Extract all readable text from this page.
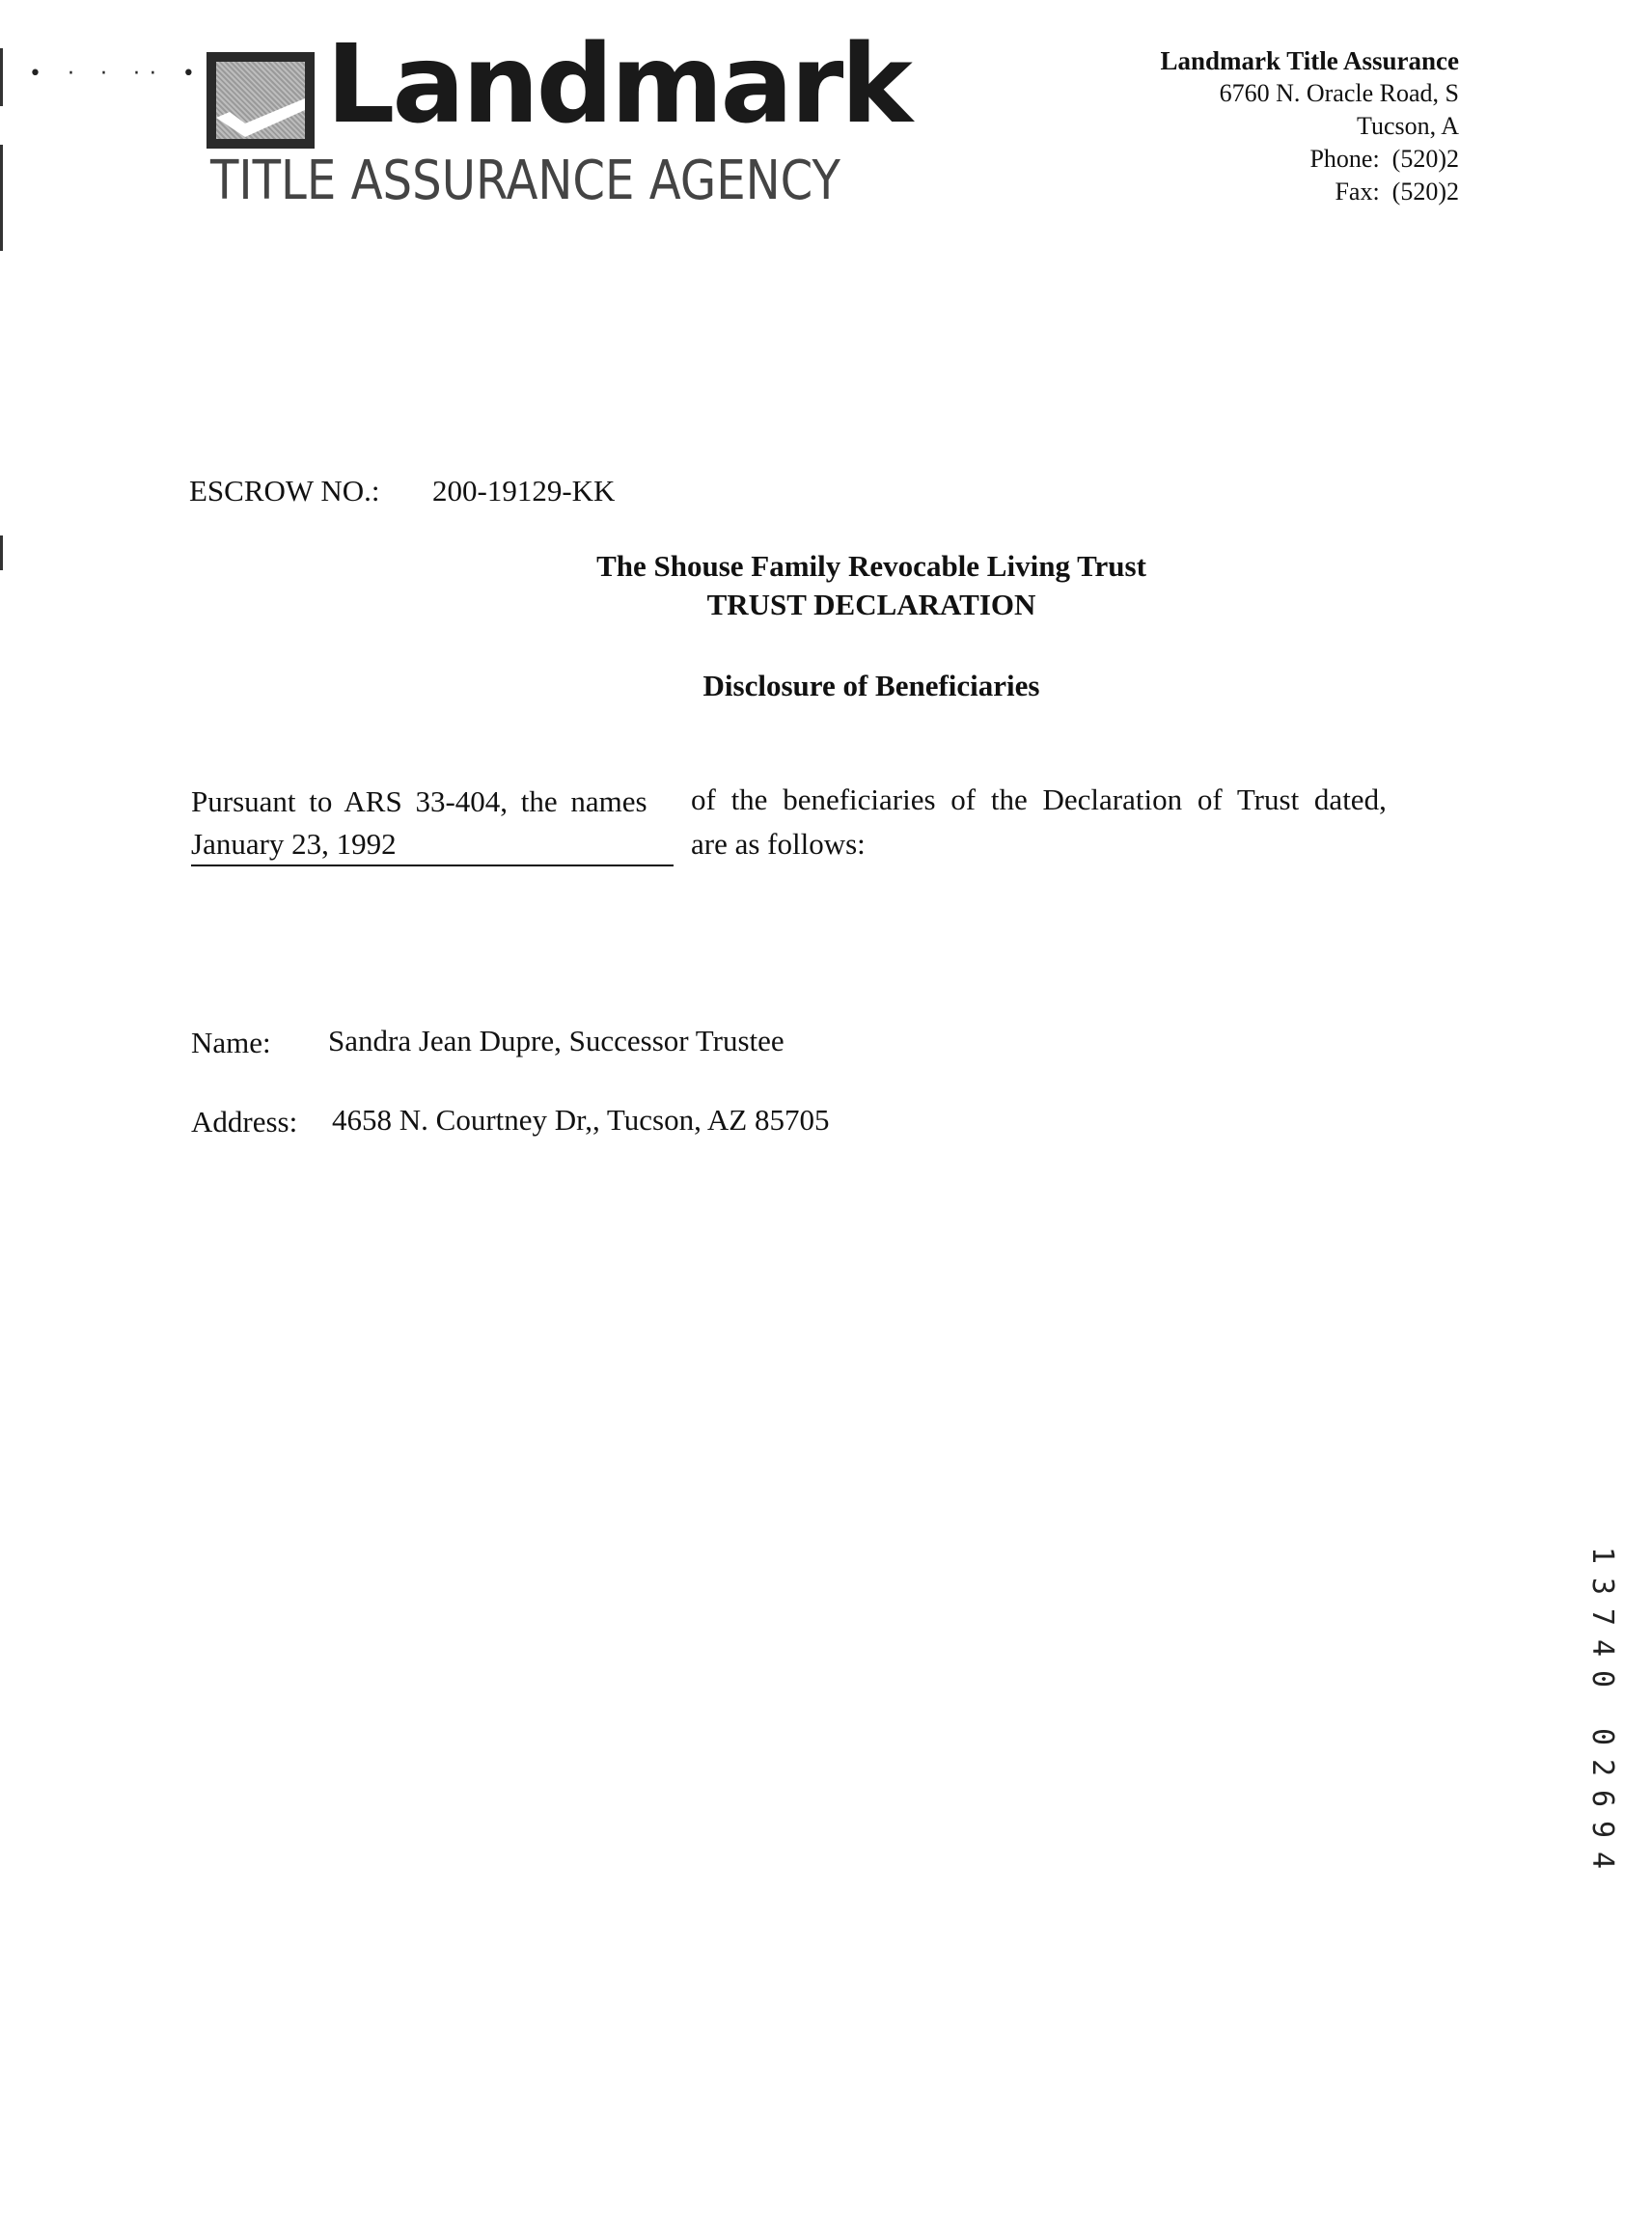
• · · ·· • Landmark
TITLE ASSURANCE AGENCY
Landmark Title Assurance
6760 N. Oracle Road, S
Tucson, A
Phone: (520)2
Fax: (520)2
ESCROW NO.: 200-19129-KK
The Shouse Family Revocable Living Trust
TRUST DECLARATION
Disclosure of Beneficiaries
Pursuant to ARS 33-404, the names of the beneficiaries of the Declaration of Trust dated,
January 23, 1992	are as follows:
Name: Sandra Jean Dupre, Successor Trustee
Address: 4658 N. Courtney Dr,, Tucson, AZ 85705
1
3
7
4
0
0
2
6
9
4
